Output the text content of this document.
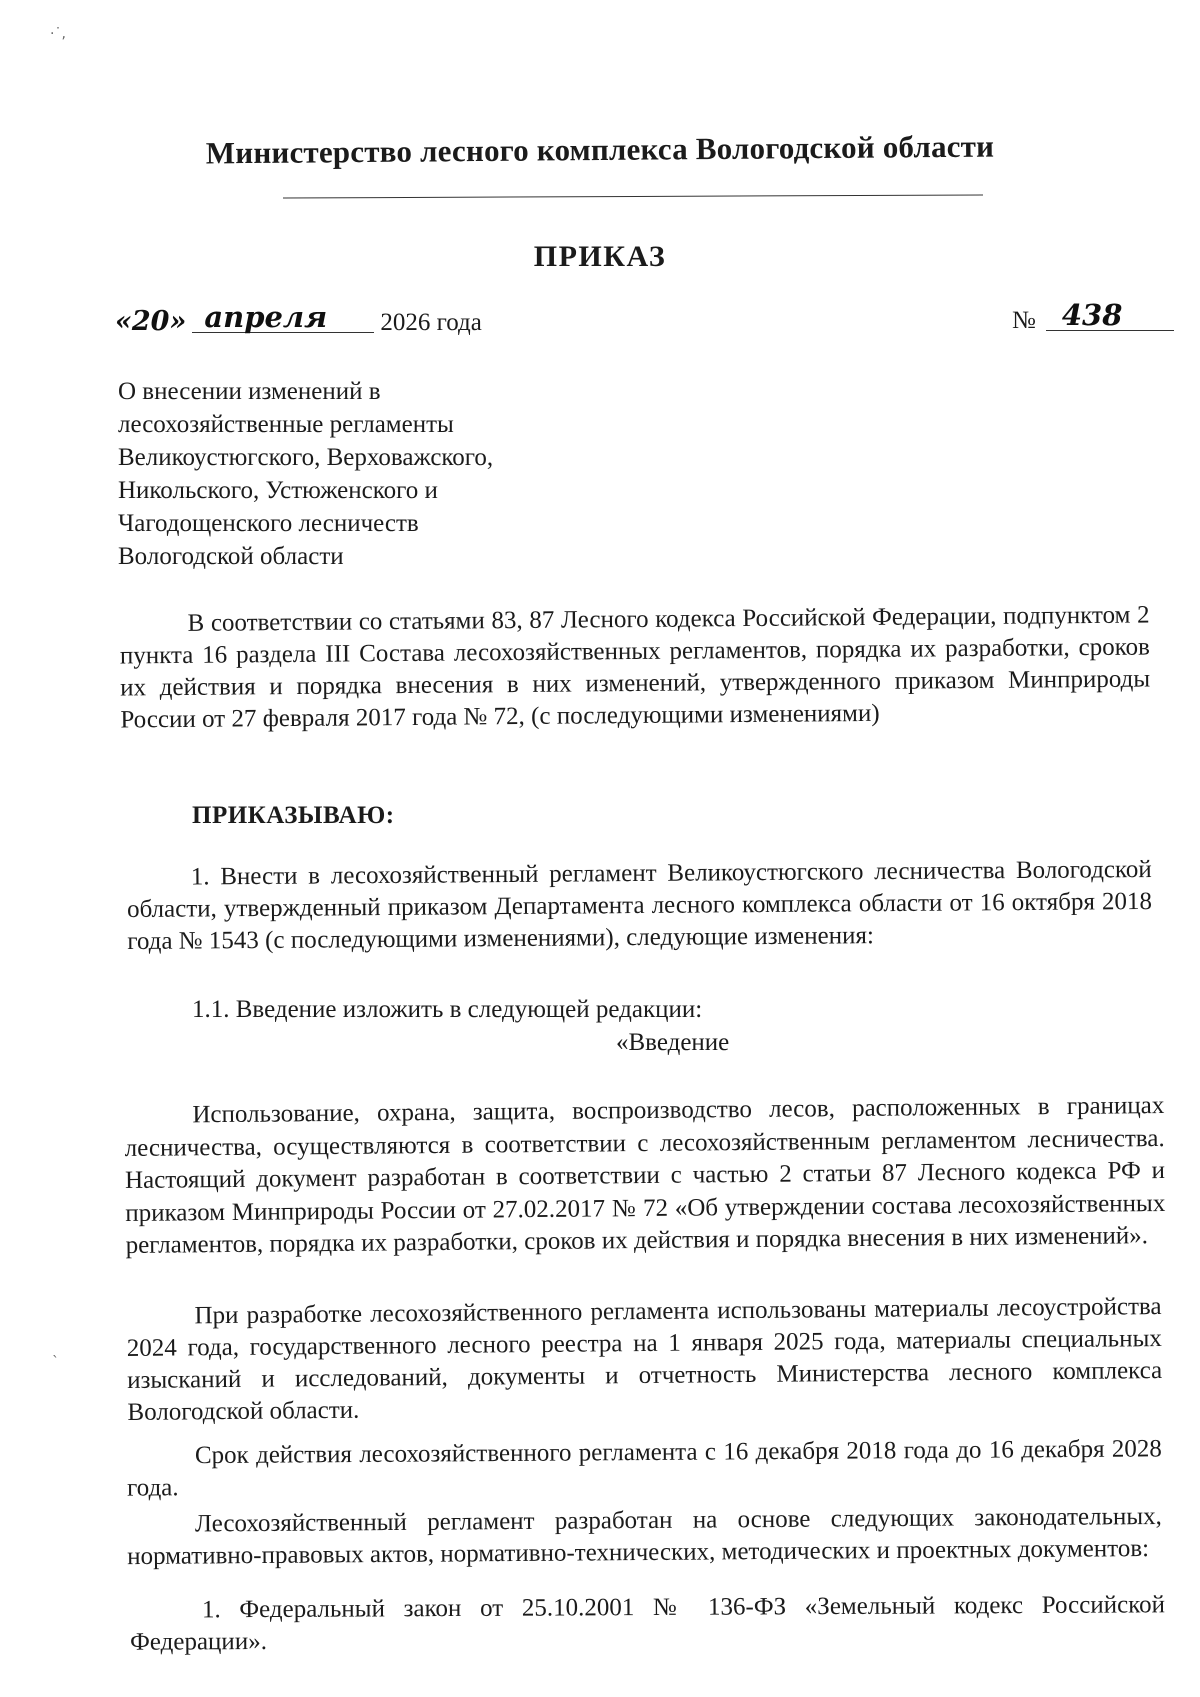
·˙,
ˎ
Министерство лесного комплекса Вологодской области
ПРИКАЗ
«20» апреля	2026 года	№ 438
О внесении изменений в
лесохозяйственные регламенты
Великоустюгского, Верховажского,
Никольского, Устюженского и
Чагодощенского лесничеств
Вологодской области
В соответствии со статьями 83, 87 Лесного кодекса Российской Федерации, подпунктом 2 пункта 16 раздела III Состава лесохозяйственных регламентов, порядка их разработки, сроков их действия и порядка внесения в них изменений, утвержденного приказом Минприроды России от 27 февраля 2017 года № 72, (с последующими изменениями)
ПРИКАЗЫВАЮ:
1. Внести в лесохозяйственный регламент Великоустюгского лесничества Вологодской области, утвержденный приказом Департамента лесного комплекса области от 16 октября 2018 года № 1543 (с последующими изменениями), следующие изменения:
1.1. Введение изложить в следующей редакции:
«Введение
Использование, охрана, защита, воспроизводство лесов, расположенных в границах лесничества, осуществляются в соответствии с лесохозяйственным регламентом лесничества. Настоящий документ разработан в соответствии с частью 2 статьи 87 Лесного кодекса РФ и приказом Минприроды России от 27.02.2017 № 72 «Об утверждении состава лесохозяйственных регламентов, порядка их разработки, сроков их действия и порядка внесения в них изменений».
При разработке лесохозяйственного регламента использованы материалы лесоустройства 2024 года, государственного лесного реестра на 1 января 2025 года, материалы специальных изысканий и исследований, документы и отчетность Министерства лесного комплекса Вологодской области.
Срок действия лесохозяйственного регламента с 16 декабря 2018 года до 16 декабря 2028 года.
Лесохозяйственный регламент разработан на основе следующих законодательных, нормативно-правовых актов, нормативно-технических, методических и проектных документов:
1. Федеральный закон от 25.10.2001 № 136-ФЗ «Земельный кодекс Российской Федерации».
